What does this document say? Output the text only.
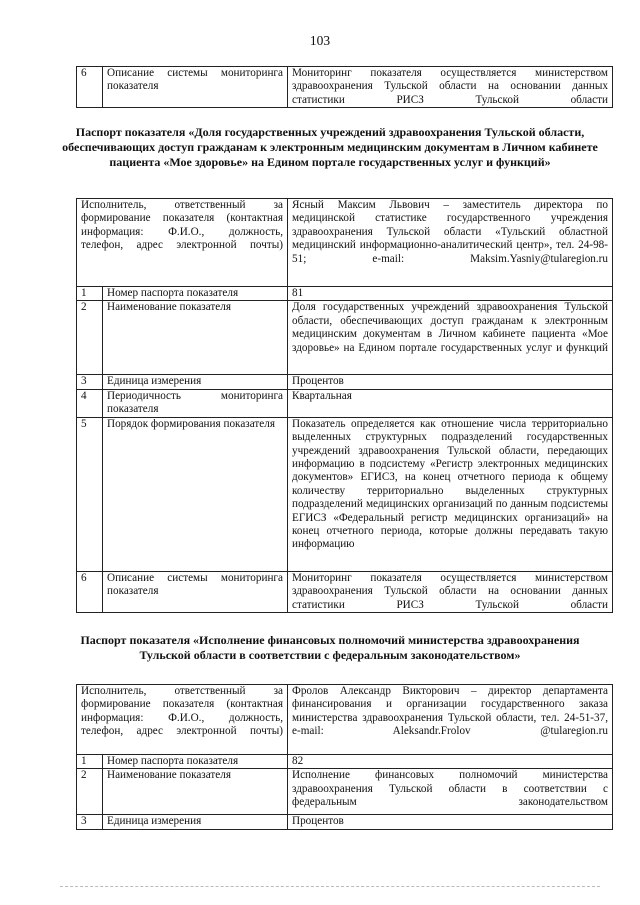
103
6	Описание системы мониторинга показателя	Мониторинг показателя осуществляется министерством здравоохранения Тульской области на основании данных статистики РИСЗ Тульской области
Паспорт показателя «Доля государственных учреждений здравоохранения Тульской области, обеспечивающих доступ гражданам к электронным медицинским документам в Личном кабинете пациента «Мое здоровье» на Едином портале государственных услуг и функций»
Исполнитель, ответственный за формирование показателя (контактная информация: Ф.И.О., должность, телефон, адрес электронной почты)		Ясный Максим Львович – заместитель директора по медицинской статистике государственного учреждения здравоохранения Тульской области «Тульский областной медицинский информационно-аналитический центр», тел. 24-98-51; e-mail: Maksim.Yasniy@tularegion.ru
1	Номер паспорта показателя	81
2	Наименование показателя	Доля государственных учреждений здравоохранения Тульской области, обеспечивающих доступ гражданам к электронным медицинским документам в Личном кабинете пациента «Мое здоровье» на Едином портале государственных услуг и функций
3	Единица измерения	Процентов
4	Периодичность мониторинга показателя	Квартальная
5	Порядок формирования показателя	Показатель определяется как отношение числа территориально выделенных структурных подразделений государственных учреждений здравоохранения Тульской области, передающих информацию в подсистему «Регистр электронных медицинских документов» ЕГИСЗ, на конец отчетного периода к общему количеству территориально выделенных структурных подразделений медицинских организаций по данным подсистемы ЕГИСЗ «Федеральный регистр медицинских организаций» на конец отчетного периода, которые должны передавать такую информацию
6	Описание системы мониторинга показателя	Мониторинг показателя осуществляется министерством здравоохранения Тульской области на основании данных статистики РИСЗ Тульской области
Паспорт показателя «Исполнение финансовых полномочий министерства здравоохранения Тульской области в соответствии с федеральным законодательством»
Исполнитель, ответственный за формирование показателя (контактная информация: Ф.И.О., должность, телефон, адрес электронной почты)		Фролов Александр Викторович – директор департамента финансирования и организации государственного заказа министерства здравоохранения Тульской области, тел. 24-51-37, e-mail: Aleksandr.Frolov @tularegion.ru
1	Номер паспорта показателя	82
2	Наименование показателя	Исполнение финансовых полномочий министерства здравоохранения Тульской области в соответствии с федеральным законодательством
3	Единица измерения	Процентов
